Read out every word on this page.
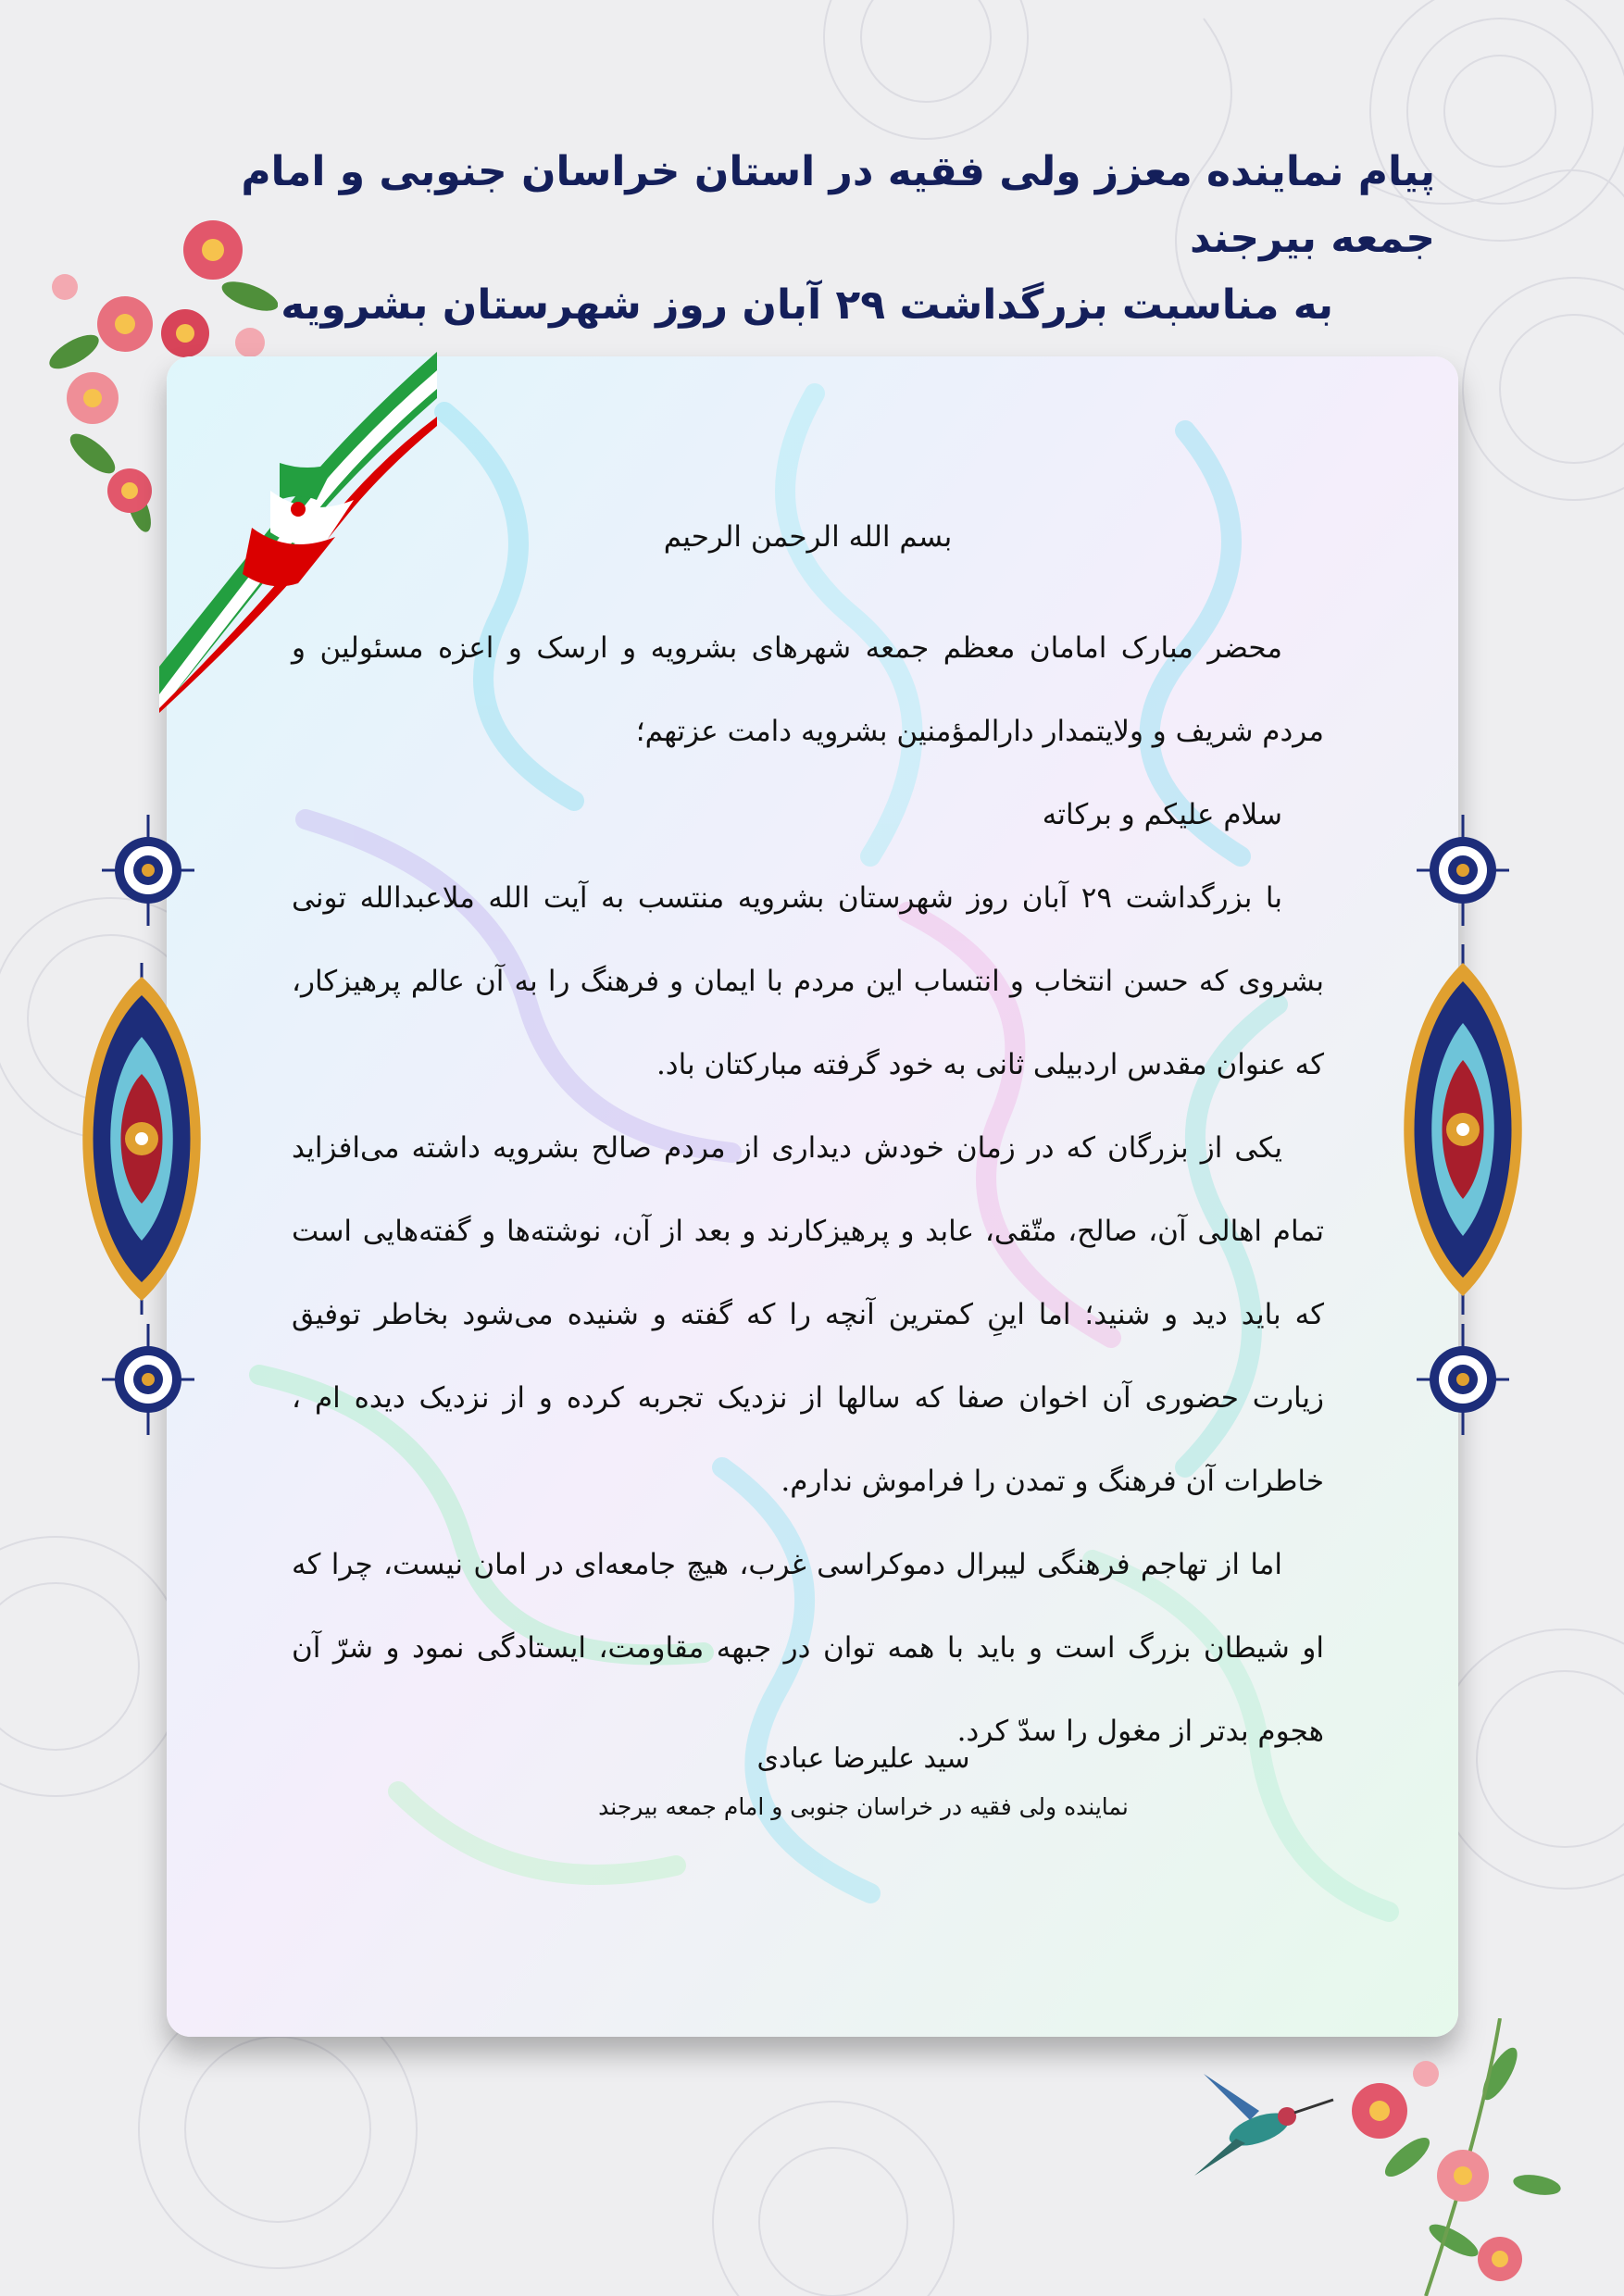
پیام نماینده معزز ولی فقیه در استان خراسان جنوبی و امام جمعه بیرجند
به مناسبت بزرگداشت ۲۹ آبان روز شهرستان بشرویه

بسم الله الرحمن الرحیم

محضر مبارک امامان معظم جمعه شهرهای بشرویه و ارسک و اعزه مسئولین و مردم شریف و ولایتمدار دارالمؤمنین بشرویه دامت عزتهم؛

سلام علیکم و برکاته

با بزرگداشت ۲۹ آبان روز شهرستان بشرویه منتسب به آیت الله ملاعبدالله تونی بشروی که حسن انتخاب و انتساب این مردم با ایمان و فرهنگ را به آن عالم پرهیزکار، که عنوان مقدس اردبیلی ثانی به خود گرفته مبارکتان باد.

یکی از بزرگان که در زمان خودش دیداری از مردم صالح بشرویه داشته می‌افزاید تمام اهالی آن، صالح، متّقی، عابد و پرهیزکارند و بعد از آن، نوشته‌ها و گفته‌هایی است که باید دید و شنید؛ اما اینِ کمترین آنچه را که گفته و شنیده می‌شود بخاطر توفیق زیارت حضوری آن اخوان صفا که سالها از نزدیک تجربه کرده و از نزدیک دیده ام ، خاطرات آن فرهنگ و تمدن را فراموش ندارم.

اما از تهاجم فرهنگی لیبرال دموکراسی غرب، هیچ جامعه‌ای در امان نیست، چرا که او شیطان بزرگ است و باید با همه توان در جبهه مقاومت، ایستادگی نمود و شرّ آن هجوم بدتر از مغول را سدّ کرد.

سید علیرضا عبادی
نماینده ولی فقیه در خراسان جنوبی و امام جمعه بیرجند
